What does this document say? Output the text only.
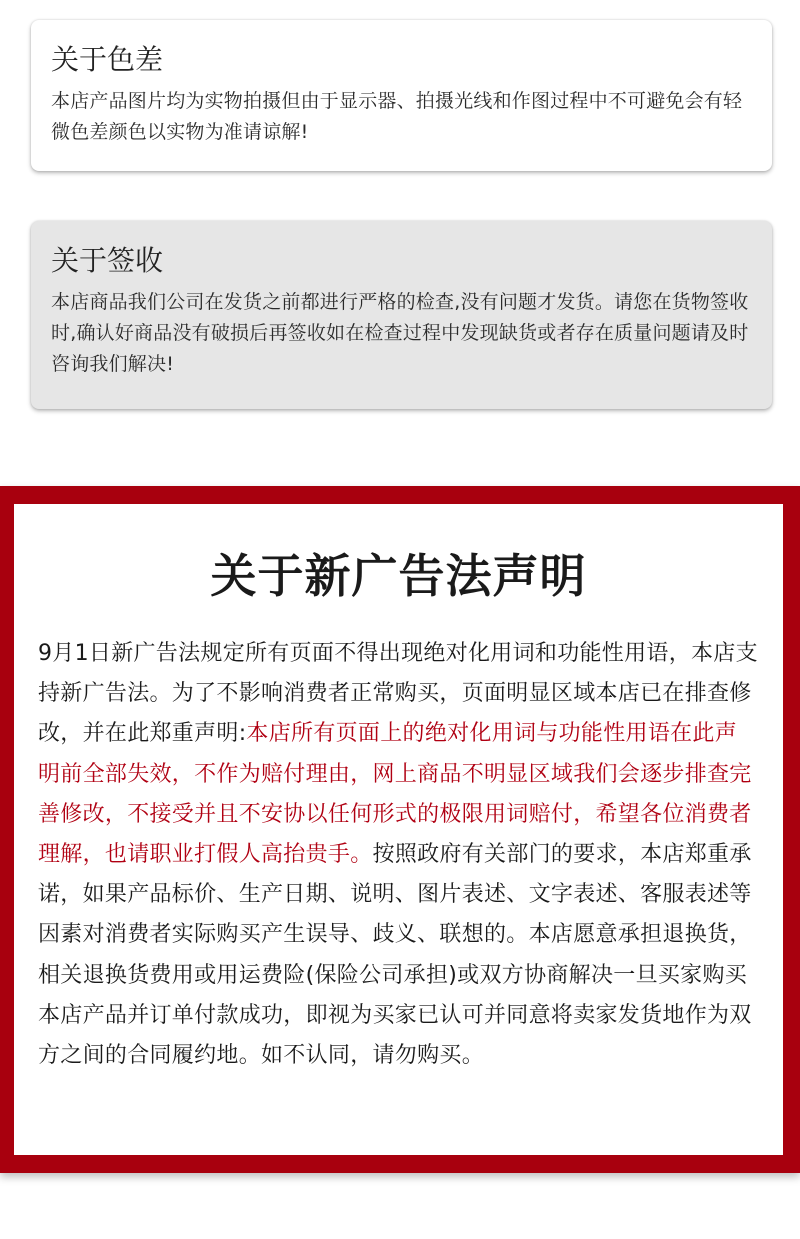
关于色差

本店产品图片均为实物拍摄但由于显示器、拍摄光线和作图过程中不可避免会有轻微色差颜色以实物为准请谅解!

关于签收

本店商品我们公司在发货之前都进行严格的检查,没有问题才发货。请您在货物签收时,确认好商品没有破损后再签收如在检查过程中发现缺货或者存在质量问题请及时咨询我们解决!

关于新广告法声明

9月1日新广告法规定所有页面不得出现绝对化用词和功能性用语，本店支持新广告法。为了不影响消费者正常购买，页面明显区域本店已在排查修改，并在此郑重声明:本店所有页面上的绝对化用词与功能性用语在此声明前全部失效，不作为赔付理由，网上商品不明显区域我们会逐步排查完善修改，不接受并且不安协以任何形式的极限用词赔付，希望各位消费者理解，也请职业打假人高抬贵手。按照政府有关部门的要求，本店郑重承诺，如果产品标价、生产日期、说明、图片表述、文字表述、客服表述等因素对消费者实际购买产生误导、歧义、联想的。本店愿意承担退换货，相关退换货费用或用运费险(保险公司承担)或双方协商解决一旦买家购买本店产品并订单付款成功，即视为买家已认可并同意将卖家发货地作为双方之间的合同履约地。如不认同，请勿购买。
